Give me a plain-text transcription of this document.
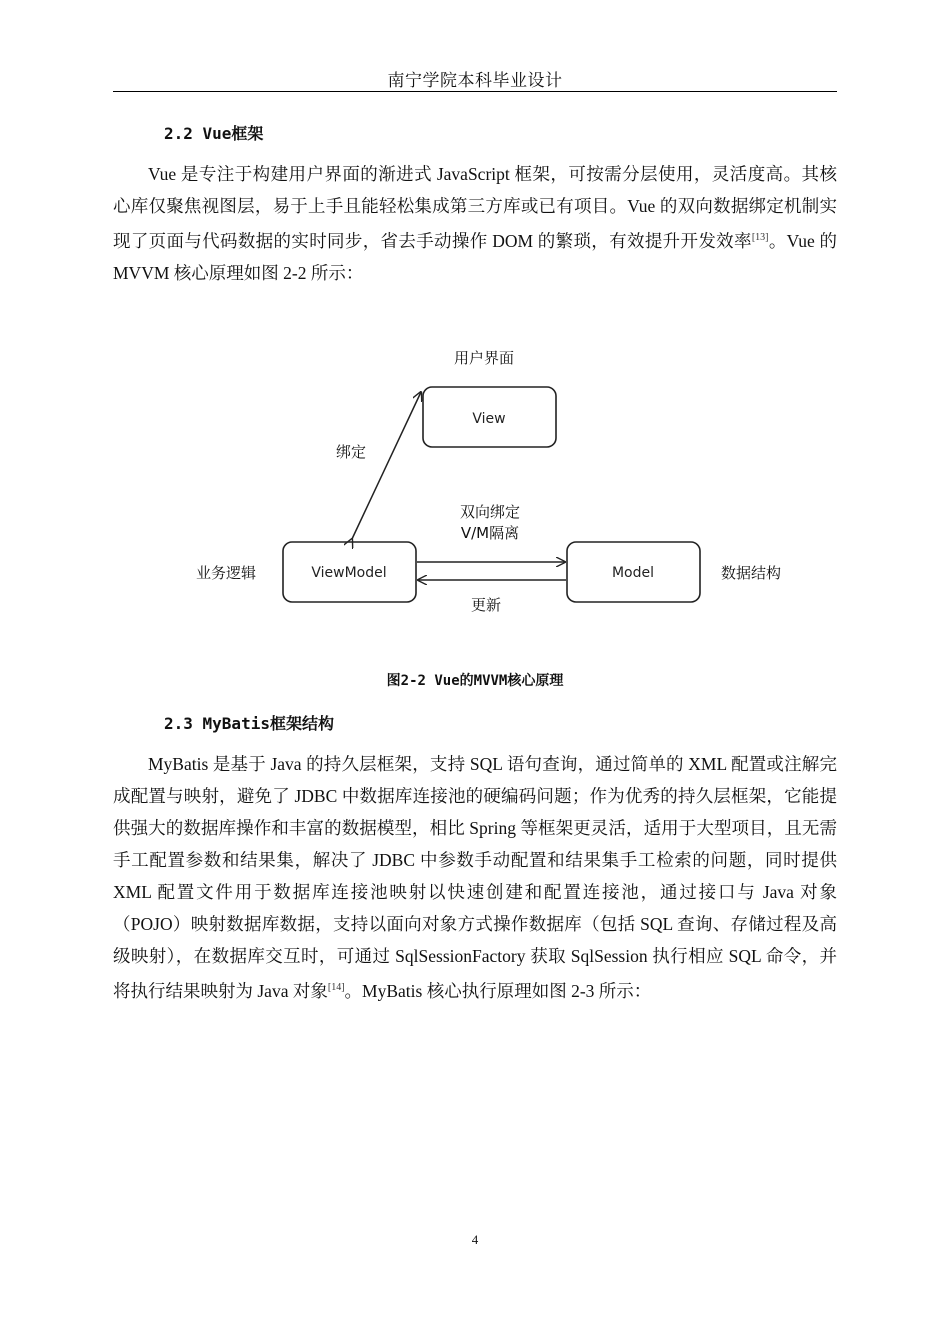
南宁学院本科毕业设计
2.2 Vue框架
Vue 是专注于构建用户界面的渐进式 JavaScript 框架，可按需分层使用，灵活度高。其核心库仅聚焦视图层，易于上手且能轻松集成第三方库或已有项目。Vue 的双向数据绑定机制实现了页面与代码数据的实时同步，省去手动操作 DOM 的繁琐，有效提升开发效率[13]。Vue 的 MVVM 核心原理如图 2-2 所示：
用户界面
View
ViewModel	Model
绑定
双向绑定
V/M隔离
更新
业务逻辑	数据结构
图2-2 Vue的MVVM核心原理
2.3 MyBatis框架结构
MyBatis 是基于 Java 的持久层框架，支持 SQL 语句查询，通过简单的 XML 配置或注解完成配置与映射，避免了 JDBC 中数据库连接池的硬编码问题；作为优秀的持久层框架，它能提供强大的数据库操作和丰富的数据模型，相比 Spring 等框架更灵活，适用于大型项目，且无需手工配置参数和结果集，解决了 JDBC 中参数手动配置和结果集手工检索的问题，同时提供 XML 配置文件用于数据库连接池映射以快速创建和配置连接池，通过接口与 Java 对象（POJO）映射数据库数据，支持以面向对象方式操作数据库（包括 SQL 查询、存储过程及高级映射），在数据库交互时，可通过 SqlSessionFactory 获取 SqlSession 执行相应 SQL 命令，并将执行结果映射为 Java 对象[14]。MyBatis 核心执行原理如图 2-3 所示：
4
